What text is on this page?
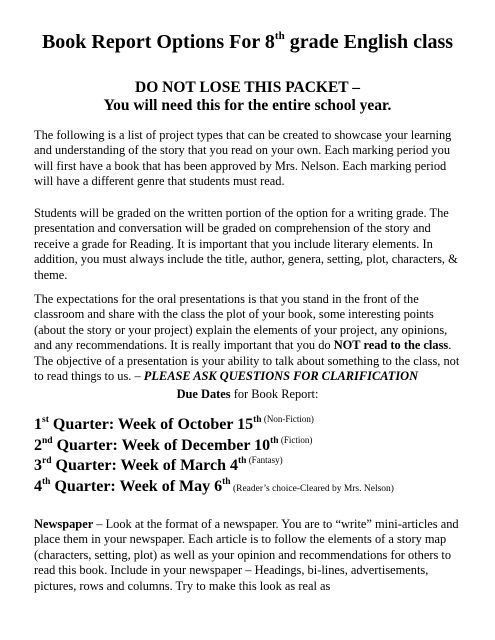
Book Report Options For 8th grade English class
DO NOT LOSE THIS PACKET –
You will need this for the entire school year.

The following is a list of project types that can be created to showcase your learning and understanding of the story that you read on your own. Each marking period you will first have a book that has been approved by Mrs. Nelson. Each marking period will have a different genre that students must read.

Students will be graded on the written portion of the option for a writing grade. The presentation and conversation will be graded on comprehension of the story and receive a grade for Reading. It is important that you include literary elements. In addition, you must always include the title, author, genera, setting, plot, characters, & theme.

The expectations for the oral presentations is that you stand in the front of the classroom and share with the class the plot of your book, some interesting points (about the story or your project) explain the elements of your project, any opinions, and any recommendations. It is really important that you do NOT read to the class. The objective of a presentation is your ability to talk about something to the class, not to read things to us. – PLEASE ASK QUESTIONS FOR CLARIFICATION

Due Dates for Book Report:
1st Quarter: Week of October 15th $^{(Non-Fiction)}$
2nd Quarter: Week of December 10th $^{(Fiction)}$
3rd Quarter: Week of March 4th $^{(Fantasy)}$
4th Quarter: Week of May 6th (Reader’s choice-Cleared by Mrs. Nelson)

Newspaper – Look at the format of a newspaper. You are to “write” mini-articles and place them in your newspaper. Each article is to follow the elements of a story map (characters, setting, plot) as well as your opinion and recommendations for others to read this book. Include in your newspaper – Headings, bi-lines, advertisements, pictures, rows and columns. Try to make this look as real as
